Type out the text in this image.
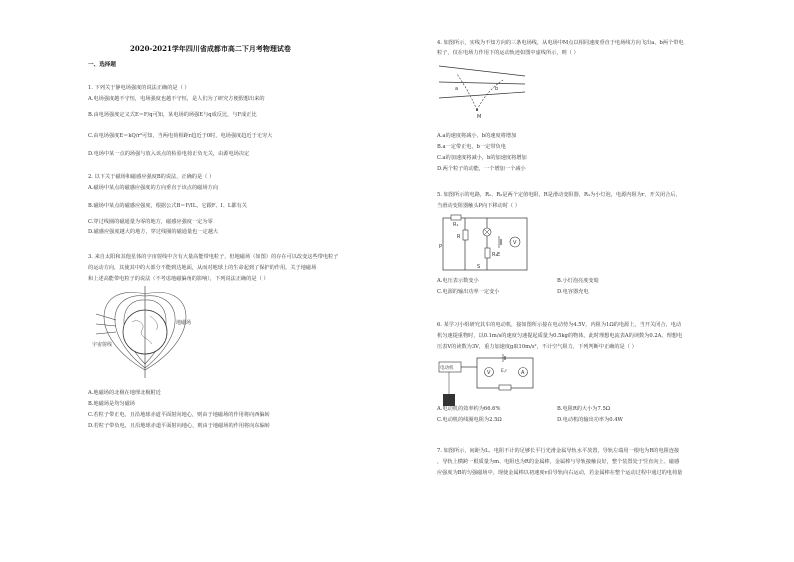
2020-2021学年四川省成都市高二下月考物理试卷
一、选择题
1. 下列关于静电场强度的说法正确的是（ ）
A.电场强度越不守恒，电场强度也越不守恒，是人们为了研究方便假想出来的
B.由电场强度定义式E＝F/q可知，某电场的场强E与q成反比，与F成正比
C.由电场强度E＝kQ/r²可知，当两电荷相距r趋近于0时，电场强度趋近于无穷大
D.电场中某一点的场强与放入该点的检验电荷正负无关，由源电场决定
2. 以下关于磁场和磁感应强度B的说法，正确的是（ ）
A.磁场中某点的磁感应强度的方向垂直于该点的磁场方向
B.磁场中某点的磁感应强度，根据公式B＝F/IL，它跟F、I、L都有关
C.穿过线圈的磁通量为零的地方，磁感应强度一定为零
D.磁感应强度越大的地方，穿过线圈的磁通量也一定越大
3. 来自太阳和其他星体的宇宙射线中含有大量高能带电粒子，但地磁场（如图）的存在可以改变这些带电粒子
的运动方向，其使其中的大部分不能到达地面，从而对地球上的生命起到了保护的作用。关于地磁场
和上述高能带电粒子的说法（不考虑地磁偏角的影响），下列说法正确的是（ ）
宇宙射线
地磁场
A.地磁场的北极在地理北极附近
B.地磁场是均匀磁场
C.若粒子带正电，且沿地球赤道平面射向地心，则由于地磁场的作用将向西偏转
D.若粒子带负电，且沿地球赤道平面射向地心，则由于地磁场的作用将向东偏转
4. 如图所示，实线为不知方向的三条电场线，从电场中M点以相同速度垂直于电场线方向飞出a、b两个带电
粒子，仅在电场力作用下的运动轨迹如图中虚线所示，则（ ）
a	b
M
A.a的速度将减小，b的速度将增加
B.a一定带正电，b一定带负电
C.a的加速度将减小，b的加速度将增加
D.两个粒子的动能，一个增加一个减小
5. 如图所示的电路，R₁、R₂是两个定值电阻，R是滑动变阻器，R₃为小灯泡，电源内阻为r，开关闭合后，
当滑动变阻器触头P向下移动时（ ）
R₁
R
R₂
P
V
E
S
A.电压表示数变小	B.小灯泡亮度变暗
C.电源的输出功率一定变小	D.电容器充电
6. 某学习小组研究其车的电动机，接如图所示接在电动势为4.5V，内阻为1Ω的电源上，当开关闭合，电动
机匀速提重物时，以0.1m/s的速度匀速提起质量为0.5kg的物体，此时理想电流表A的读数为0.2A，理想电
压表V的读数为3V，重力加速度g取10m/s²，不计空气阻力，下列判断中正确的是（ ）
电动机
V	A
E,r
A.电动机的效率约为66.6%	B.电阻R的大小为7.5Ω
C.电动机的线圈电阻为2.5Ω	D.电动机的输出功率为0.4W
7. 如图所示，间距为L、电阻不计的足够长平行光滑金属导轨水平放置，导轨左端用一根电为R的电阻连接
，导轨上横跨一根质量为m、电阻也为R的金属棒，金属棒与导轨接触良好，整个装置处于竖直向上、磁感
应强度为B的匀强磁场中，现使金属棒以初速度v沿导轨向右运动，若金属棒在整个运动过程中通过的电荷量
